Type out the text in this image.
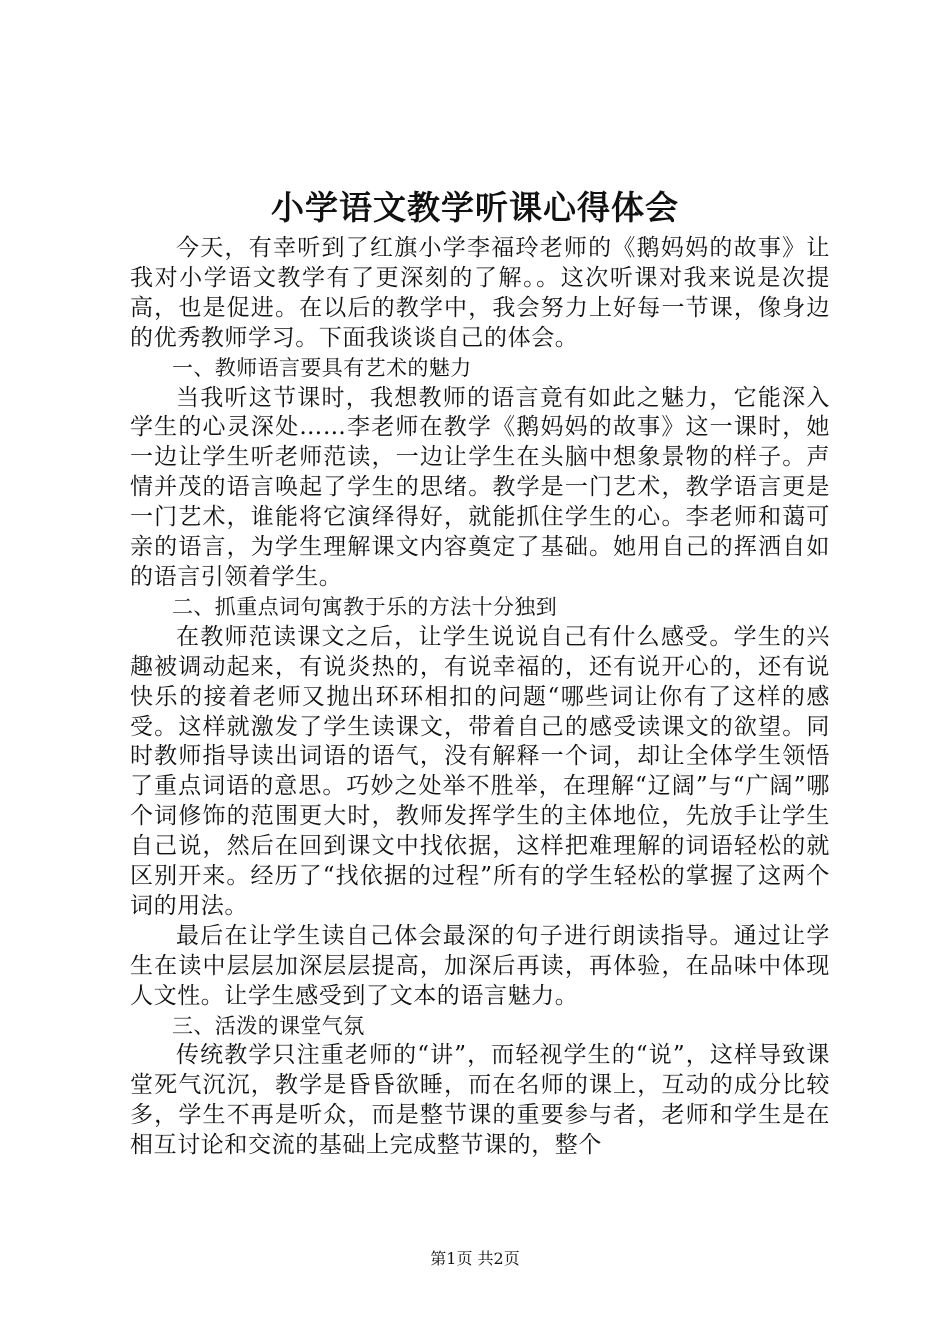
小学语文教学听课心得体会

今天，有幸听到了红旗小学李福玲老师的《鹅妈妈的故事》让我对小学语文教学有了更深刻的了解。。这次听课对我来说是次提高，也是促进。在以后的教学中，我会努力上好每一节课，像身边的优秀教师学习。下面我谈谈自己的体会。

一、教师语言要具有艺术的魅力

当我听这节课时，我想教师的语言竟有如此之魅力，它能深入学生的心灵深处……李老师在教学《鹅妈妈的故事》这一课时，她一边让学生听老师范读，一边让学生在头脑中想象景物的样子。声情并茂的语言唤起了学生的思绪。教学是一门艺术，教学语言更是一门艺术，谁能将它演绎得好，就能抓住学生的心。李老师和蔼可亲的语言，为学生理解课文内容奠定了基础。她用自己的挥洒自如的语言引领着学生。

二、抓重点词句寓教于乐的方法十分独到

在教师范读课文之后，让学生说说自己有什么感受。学生的兴趣被调动起来，有说炎热的，有说幸福的，还有说开心的，还有说快乐的接着老师又抛出环环相扣的问题“哪些词让你有了这样的感受。这样就激发了学生读课文，带着自己的感受读课文的欲望。同时教师指导读出词语的语气，没有解释一个词，却让全体学生领悟了重点词语的意思。巧妙之处举不胜举，在理解“辽阔”与“广阔”哪个词修饰的范围更大时，教师发挥学生的主体地位，先放手让学生自己说，然后在回到课文中找依据，这样把难理解的词语轻松的就区别开来。经历了“找依据的过程”所有的学生轻松的掌握了这两个词的用法。

最后在让学生读自己体会最深的句子进行朗读指导。通过让学生在读中层层加深层层提高，加深后再读，再体验，在品味中体现人文性。让学生感受到了文本的语言魅力。

三、活泼的课堂气氛

传统教学只注重老师的“讲”，而轻视学生的“说”，这样导致课堂死气沉沉，教学是昏昏欲睡，而在名师的课上，互动的成分比较多，学生不再是听众，而是整节课的重要参与者，老师和学生是在相互讨论和交流的基础上完成整节课的，整个

第1页 共2页
